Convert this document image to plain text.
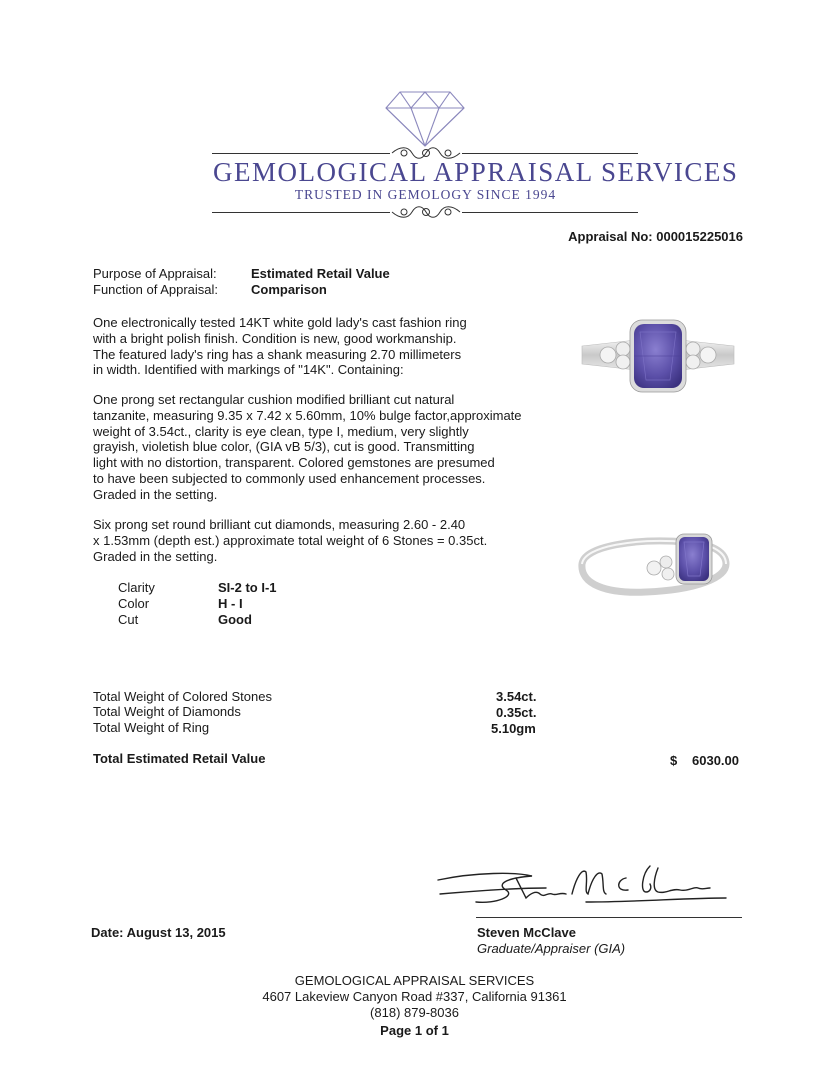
GEMOLOGICAL APPRAISAL SERVICES
TRUSTED IN GEMOLOGY SINCE 1994
Appraisal No: 000015225016
Purpose of Appraisal:	Estimated Retail Value
Function of Appraisal:	Comparison
One electronically tested 14KT white gold lady's cast fashion ring
with a bright polish finish. Condition is new, good workmanship.
The featured lady's ring has a shank measuring 2.70 millimeters
in width. Identified with markings of "14K". Containing:
One prong set rectangular cushion modified brilliant cut natural
tanzanite, measuring 9.35 x 7.42 x 5.60mm, 10% bulge factor,approximate
weight of 3.54ct., clarity is eye clean, type I, medium, very slightly
grayish, violetish blue color, (GIA vB 5/3), cut is good. Transmitting
light with no distortion, transparent. Colored gemstones are presumed
to have been subjected to commonly used enhancement processes.
Graded in the setting.
Six prong set round brilliant cut diamonds, measuring 2.60 - 2.40
x 1.53mm (depth est.) approximate total weight of 6 Stones = 0.35ct.
Graded in the setting.
Clarity	SI-2 to I-1
Color	H - I
Cut	Good
Total Weight of Colored Stones	3.54ct.
Total Weight of Diamonds	0.35ct.
Total Weight of Ring	5.10gm
Total Estimated Retail Value	$ 6030.00
Date: August 13, 2015	Steven McClave
Graduate/Appraiser (GIA)
GEMOLOGICAL APPRAISAL SERVICES
4607 Lakeview Canyon Road #337, California 91361
(818) 879-8036
Page 1 of 1
